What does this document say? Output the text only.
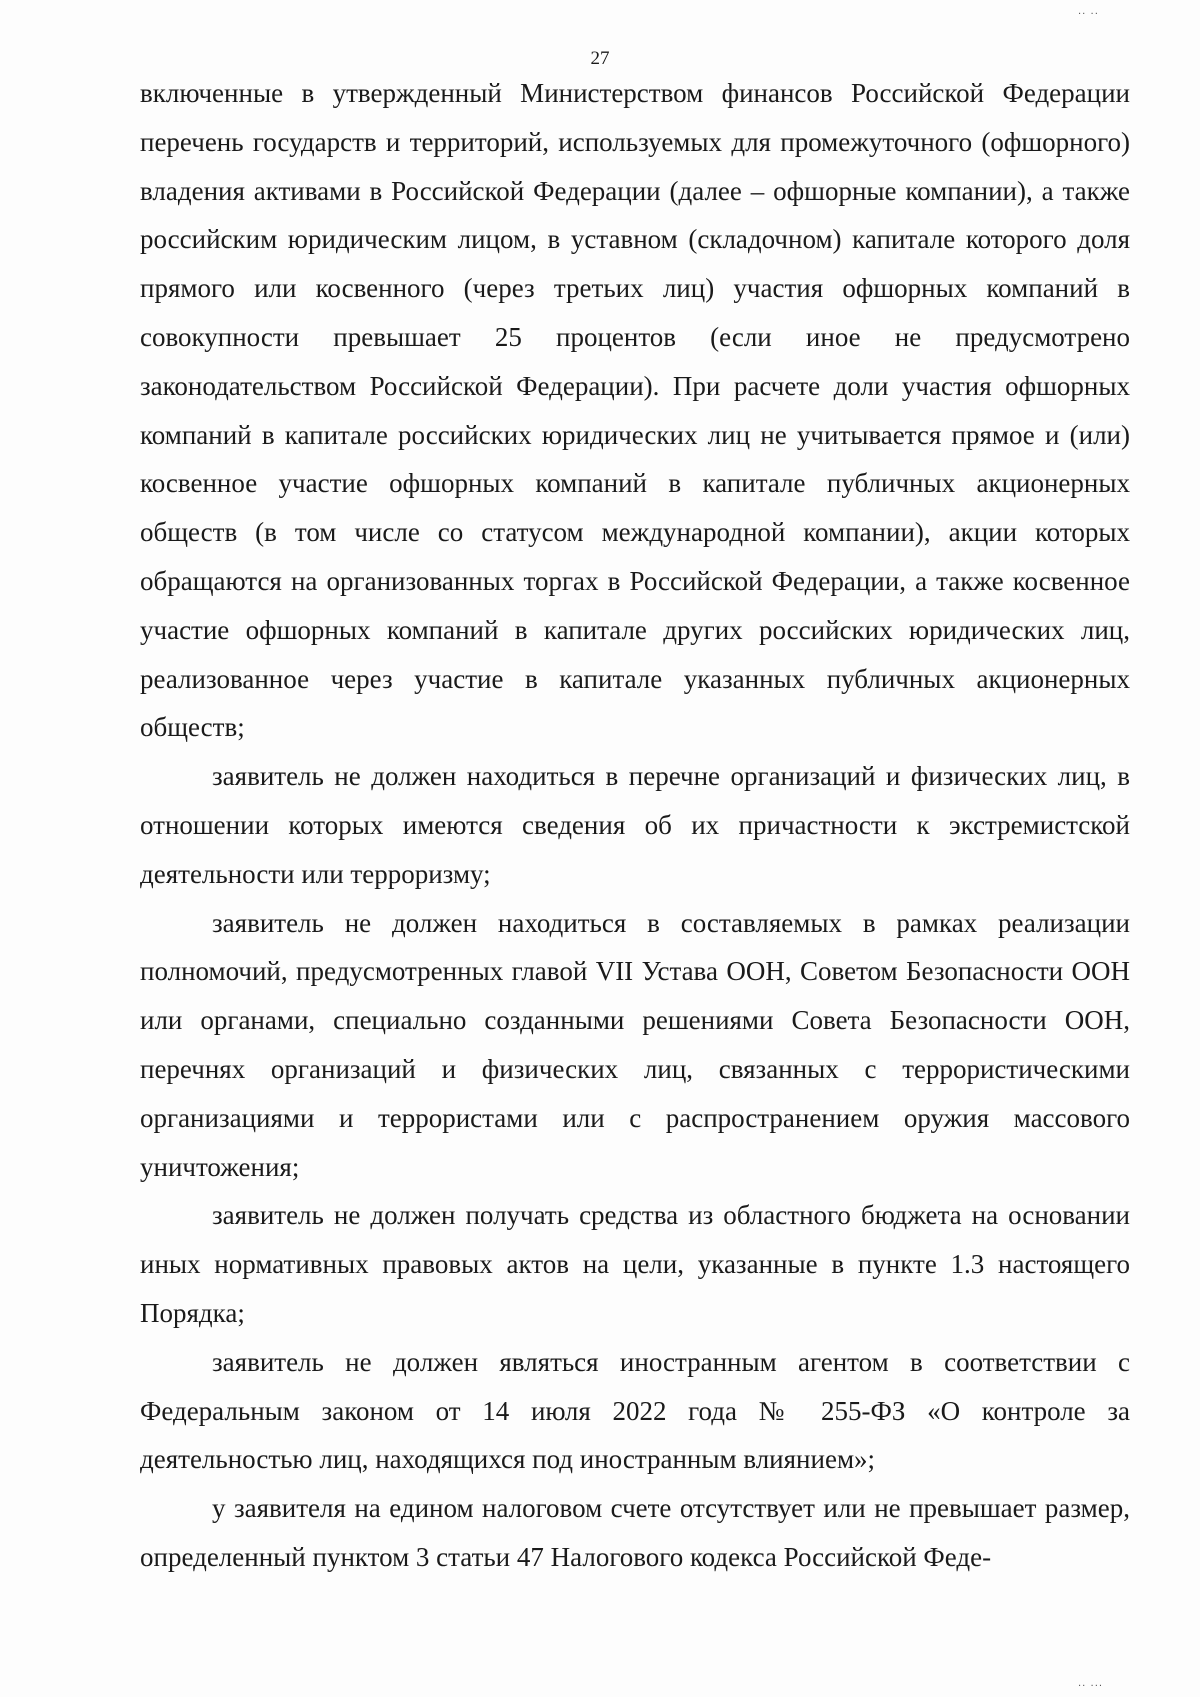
27

включенные в утвержденный Министерством финансов Российской Федерации перечень государств и территорий, используемых для промежуточного (офшорного) владения активами в Российской Федерации (далее – офшорные компании), а также российским юридическим лицом, в уставном (складочном) капитале которого доля прямого или косвенного (через третьих лиц) участия офшорных компаний в совокупности превышает 25 процентов (если иное не предусмотрено законодательством Российской Федерации). При расчете доли участия офшорных компаний в капитале российских юридических лиц не учитывается прямое и (или) косвенное участие офшорных компаний в капитале публичных акционерных обществ (в том числе со статусом международной компании), акции которых обращаются на организованных торгах в Российской Федерации, а также косвенное участие офшорных компаний в капитале других российских юридических лиц, реализованное через участие в капитале указанных публичных акционерных обществ;

заявитель не должен находиться в перечне организаций и физических лиц, в отношении которых имеются сведения об их причастности к экстремистской деятельности или терроризму;

заявитель не должен находиться в составляемых в рамках реализации полномочий, предусмотренных главой VII Устава ООН, Советом Безопасности ООН или органами, специально созданными решениями Совета Безопасности ООН, перечнях организаций и физических лиц, связанных с террористическими организациями и террористами или с распространением оружия массового уничтожения;

заявитель не должен получать средства из областного бюджета на основании иных нормативных правовых актов на цели, указанные в пункте 1.3 настоящего Порядка;

заявитель не должен являться иностранным агентом в соответствии с Федеральным законом от 14 июля 2022 года № 255-ФЗ «О контроле за деятельностью лиц, находящихся под иностранным влиянием»;

у заявителя на едином налоговом счете отсутствует или не превышает размер, определенный пунктом 3 статьи 47 Налогового кодекса Российской Феде-

.. ..
.. ...
